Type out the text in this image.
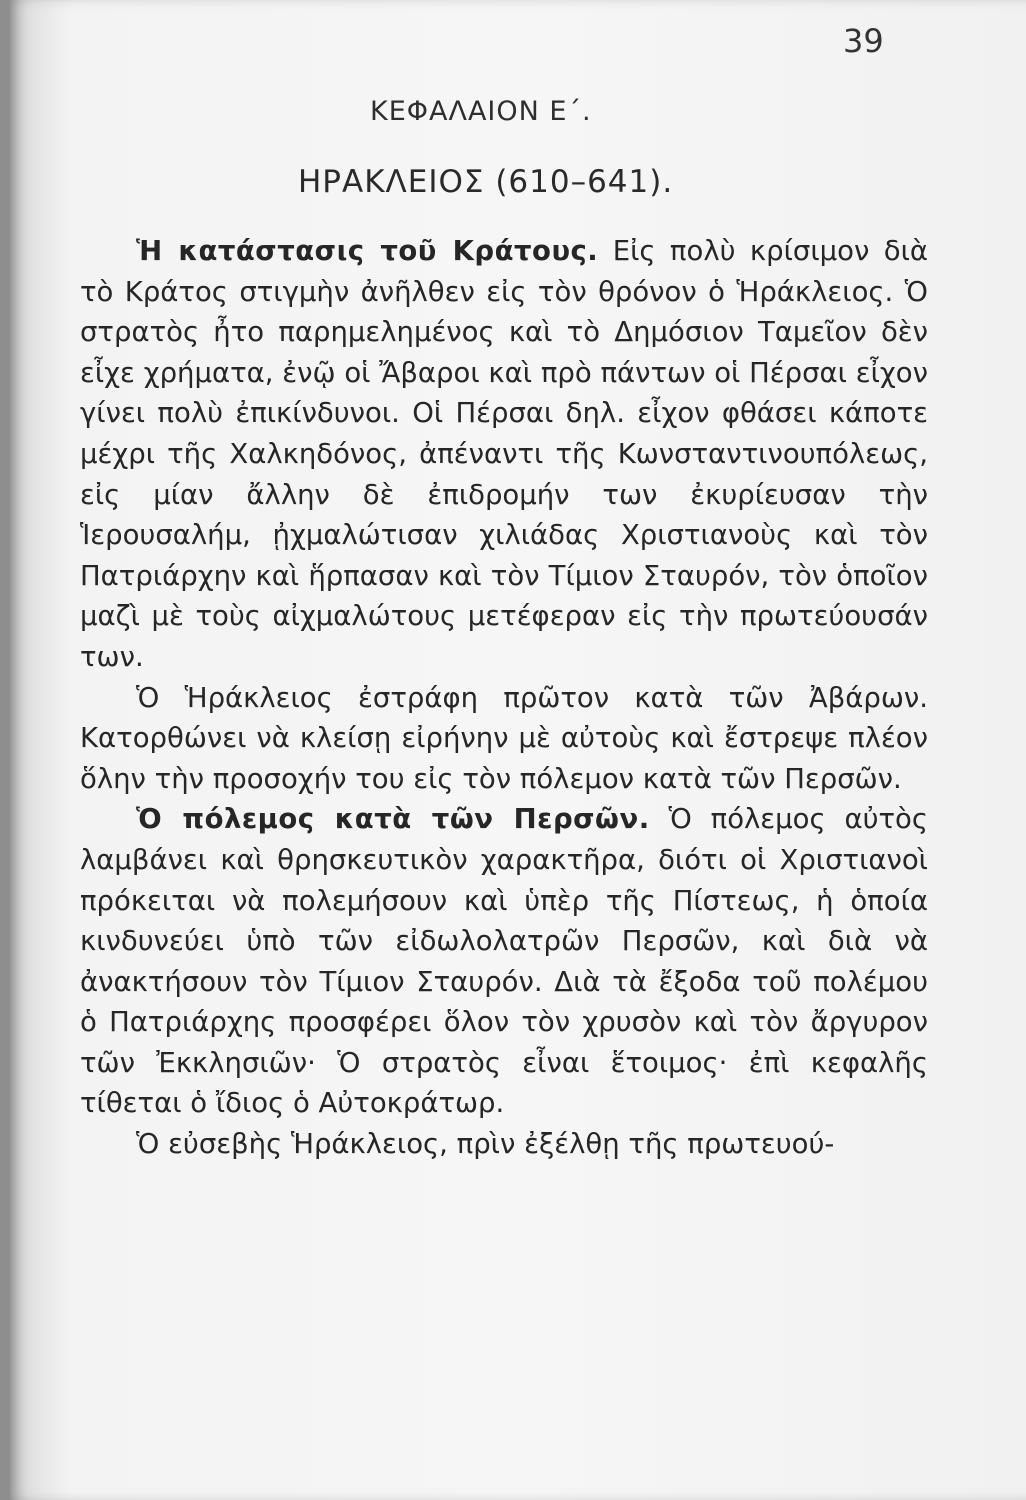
39

ΚΕΦΑΛΑΙΟΝ Ε΄.

ΗΡΑΚΛΕΙΟΣ (610–641).

Ἡ κατάστασις τοῦ Κράτους. Εἰς πολὺ κρίσιμον διὰ τὸ Κράτος στιγμὴν ἀνῆλθεν εἰς τὸν θρόνον ὁ Ἡράκλειος. Ὁ στρατὸς ἦτο παρημελημένος καὶ τὸ Δημόσιον Ταμεῖον δὲν εἶχε χρήματα, ἐνῷ οἱ Ἄβαροι καὶ πρὸ πάντων οἱ Πέρσαι εἶχον γίνει πολὺ ἐπικίνδυνοι. Οἱ Πέρσαι δηλ. εἶχον φθάσει κάποτε μέχρι τῆς Χαλκηδόνος, ἀπέναντι τῆς Κωνσταντινουπόλεως, εἰς μίαν ἄλλην δὲ ἐπιδρομήν των ἐκυρίευσαν τὴν Ἱερουσαλήμ, ᾐχμαλώτισαν χιλιάδας Χριστιανοὺς καὶ τὸν Πατριάρχην καὶ ἥρπασαν καὶ τὸν Τίμιον Σταυρόν, τὸν ὁποῖον μαζὶ μὲ τοὺς αἰχμαλώτους μετέφεραν εἰς τὴν πρωτεύουσάν των.

Ὁ Ἡράκλειος ἐστράφη πρῶτον κατὰ τῶν Ἀβάρων. Κατορθώνει νὰ κλείσῃ εἰρήνην μὲ αὐτοὺς καὶ ἔστρεψε πλέον ὅλην τὴν προσοχήν του εἰς τὸν πόλεμον κατὰ τῶν Περσῶν.

Ὁ πόλεμος κατὰ τῶν Περσῶν. Ὁ πόλεμος αὐτὸς λαμβάνει καὶ θρησκευτικὸν χαρακτῆρα, διότι οἱ Χριστιανοὶ πρόκειται νὰ πολεμήσουν καὶ ὑπὲρ τῆς Πίστεως, ἡ ὁποία κινδυνεύει ὑπὸ τῶν εἰδωλολατρῶν Περσῶν, καὶ διὰ νὰ ἀνακτήσουν τὸν Τίμιον Σταυρόν. Διὰ τὰ ἔξοδα τοῦ πολέμου ὁ Πατριάρχης προσφέρει ὅλον τὸν χρυσὸν καὶ τὸν ἄργυρον τῶν Ἐκκλησιῶν· Ὁ στρατὸς εἶναι ἕτοιμος· ἐπὶ κεφαλῆς τίθεται ὁ ἴδιος ὁ Αὐτοκράτωρ.

Ὁ εὐσεβὴς Ἡράκλειος, πρὶν ἐξέλθῃ τῆς πρωτευού-
